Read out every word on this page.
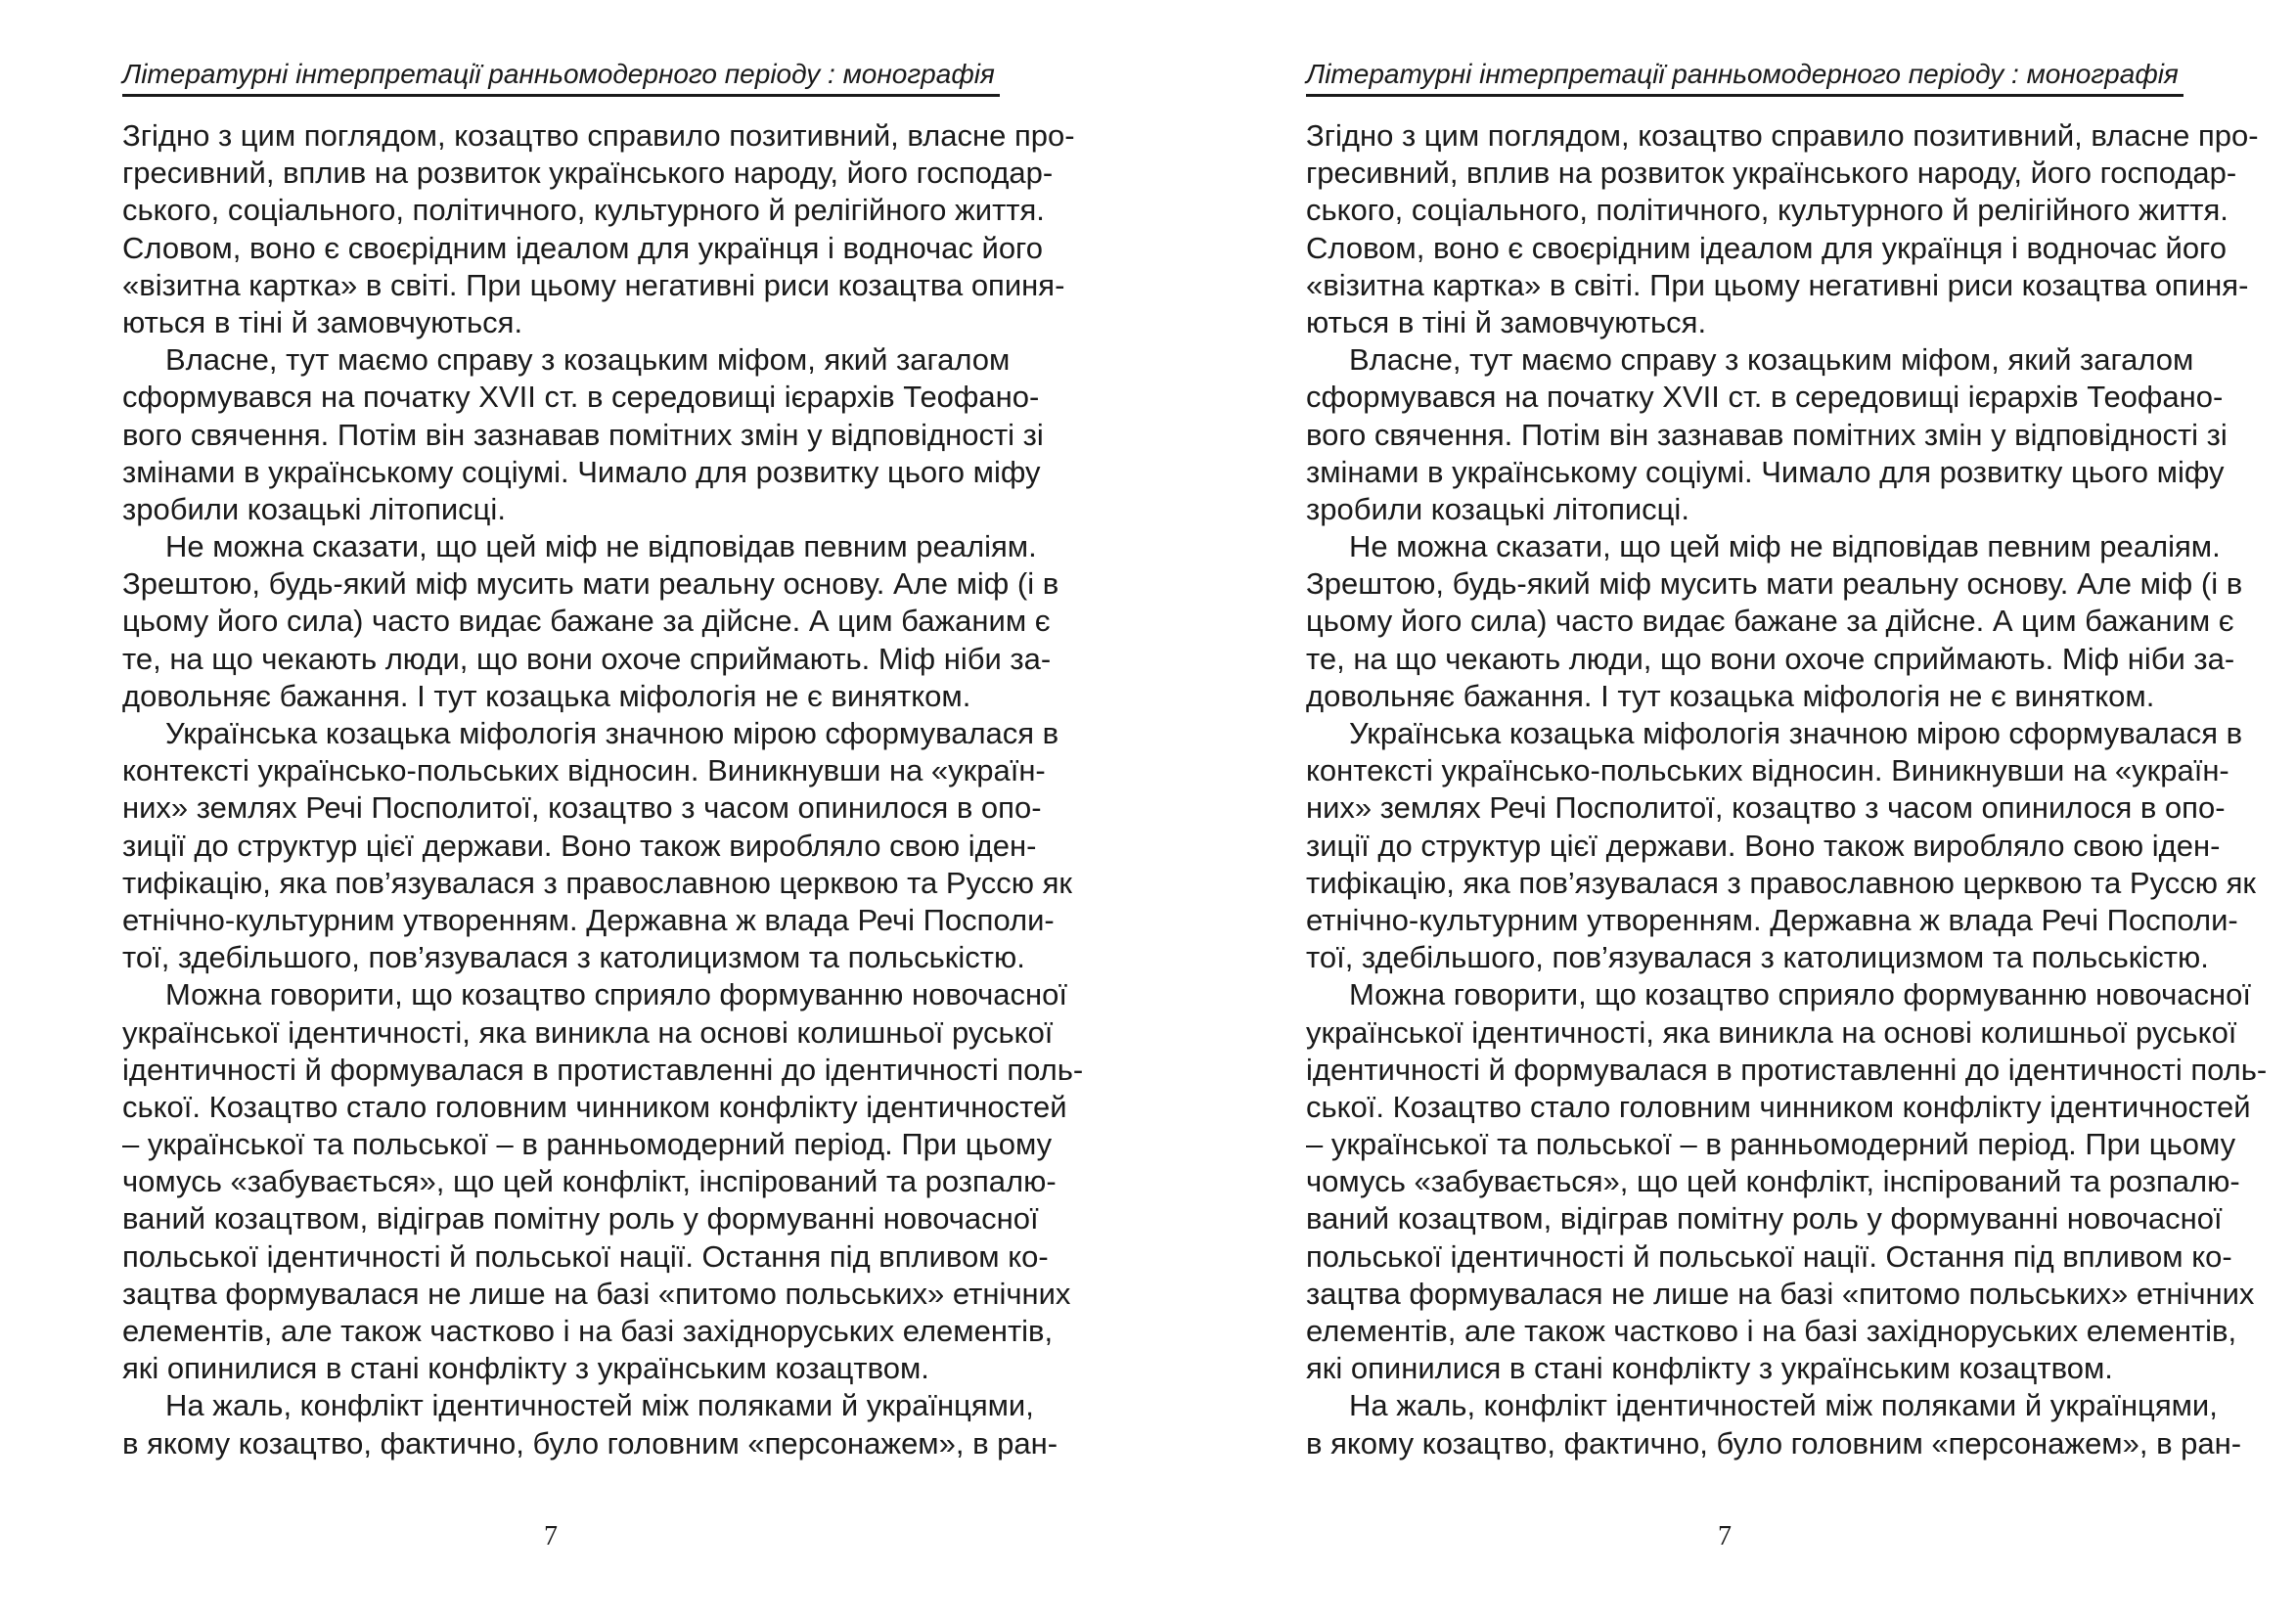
Літературні інтерпретації ранньомодерного періоду : монографія
Згідно з цим поглядом, козацтво справило позитивний, власне про-
гресивний, вплив на розвиток українського народу, його господар-
ського, соціального, політичного, культурного й релігійного життя.
Словом, воно є своєрідним ідеалом для українця і водночас його
«візитна картка» в світі. При цьому негативні риси козацтва опиня-
ються в тіні й замовчуються.
Власне, тут маємо справу з козацьким міфом, який загалом
сформувався на початку XVII ст. в середовищі ієрархів Теофано-
вого свячення. Потім він зазнавав помітних змін у відповідності зі
змінами в українському соціумі. Чимало для розвитку цього міфу
зробили козацькі літописці.
Не можна сказати, що цей міф не відповідав певним реаліям.
Зрештою, будь-який міф мусить мати реальну основу. Але міф (і в
цьому його сила) часто видає бажане за дійсне. А цим бажаним є
те, на що чекають люди, що вони охоче сприймають. Міф ніби за-
довольняє бажання. І тут козацька міфологія не є винятком.
Українська козацька міфологія значною мірою сформувалася в
контексті українсько-польських відносин. Виникнувши на «україн-
них» землях Речі Посполитої, козацтво з часом опинилося в опо-
зиції до структур цієї держави. Воно також виробляло свою іден-
тифікацію, яка пов’язувалася з православною церквою та Руссю як
етнічно-культурним утворенням. Державна ж влада Речі Посполи-
тої, здебільшого, пов’язувалася з католицизмом та польськістю.
Можна говорити, що козацтво сприяло формуванню новочасної
української ідентичності, яка виникла на основі колишньої руської
ідентичності й формувалася в протиставленні до ідентичності поль-
ської. Козацтво стало головним чинником конфлікту ідентичностей
– української та польської – в ранньомодерний період. При цьому
чомусь «забувається», що цей конфлікт, інспірований та розпалю-
ваний козацтвом, відіграв помітну роль у формуванні новочасної
польської ідентичності й польської нації. Остання під впливом ко-
зацтва формувалася не лише на базі «питомо польських» етнічних
елементів, але також частково і на базі західноруських елементів,
які опинилися в стані конфлікту з українським козацтвом.
На жаль, конфлікт ідентичностей між поляками й українцями,
в якому козацтво, фактично, було головним «персонажем», в ран-
7
Літературні інтерпретації ранньомодерного періоду : монографія
Згідно з цим поглядом, козацтво справило позитивний, власне про-
гресивний, вплив на розвиток українського народу, його господар-
ського, соціального, політичного, культурного й релігійного життя.
Словом, воно є своєрідним ідеалом для українця і водночас його
«візитна картка» в світі. При цьому негативні риси козацтва опиня-
ються в тіні й замовчуються.
Власне, тут маємо справу з козацьким міфом, який загалом
сформувався на початку XVII ст. в середовищі ієрархів Теофано-
вого свячення. Потім він зазнавав помітних змін у відповідності зі
змінами в українському соціумі. Чимало для розвитку цього міфу
зробили козацькі літописці.
Не можна сказати, що цей міф не відповідав певним реаліям.
Зрештою, будь-який міф мусить мати реальну основу. Але міф (і в
цьому його сила) часто видає бажане за дійсне. А цим бажаним є
те, на що чекають люди, що вони охоче сприймають. Міф ніби за-
довольняє бажання. І тут козацька міфологія не є винятком.
Українська козацька міфологія значною мірою сформувалася в
контексті українсько-польських відносин. Виникнувши на «україн-
них» землях Речі Посполитої, козацтво з часом опинилося в опо-
зиції до структур цієї держави. Воно також виробляло свою іден-
тифікацію, яка пов’язувалася з православною церквою та Руссю як
етнічно-культурним утворенням. Державна ж влада Речі Посполи-
тої, здебільшого, пов’язувалася з католицизмом та польськістю.
Можна говорити, що козацтво сприяло формуванню новочасної
української ідентичності, яка виникла на основі колишньої руської
ідентичності й формувалася в протиставленні до ідентичності поль-
ської. Козацтво стало головним чинником конфлікту ідентичностей
– української та польської – в ранньомодерний період. При цьому
чомусь «забувається», що цей конфлікт, інспірований та розпалю-
ваний козацтвом, відіграв помітну роль у формуванні новочасної
польської ідентичності й польської нації. Остання під впливом ко-
зацтва формувалася не лише на базі «питомо польських» етнічних
елементів, але також частково і на базі західноруських елементів,
які опинилися в стані конфлікту з українським козацтвом.
На жаль, конфлікт ідентичностей між поляками й українцями,
в якому козацтво, фактично, було головним «персонажем», в ран-
7
